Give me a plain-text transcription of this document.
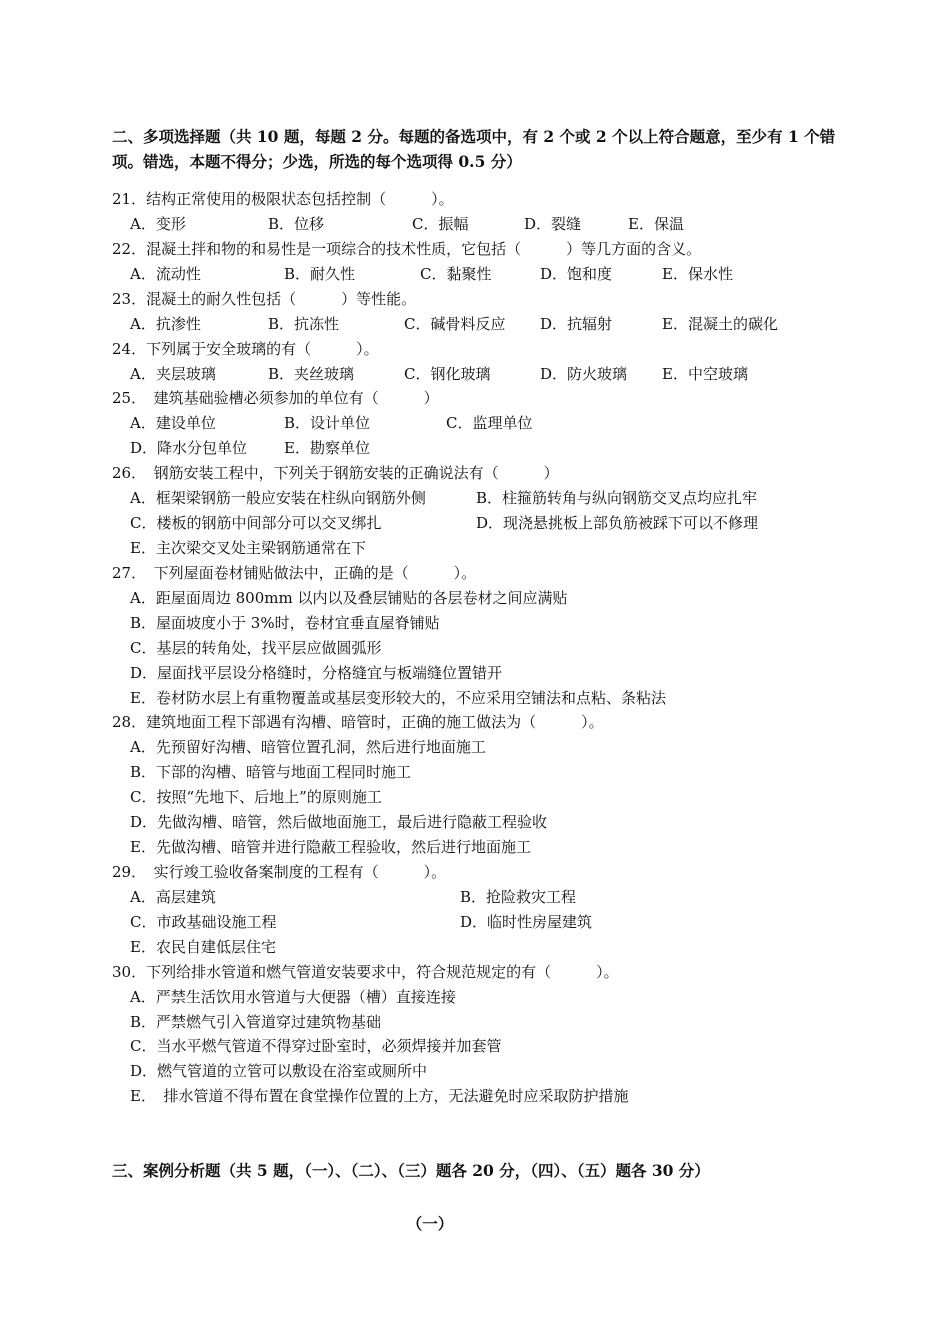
二、多项选择题（共 10 题，每题 2 分。每题的备选项中，有 2 个或 2 个以上符合题意，至少有 1 个错
项。错选，本题不得分；少选，所选的每个选项得 0.5 分）
21．结构正常使用的极限状态包括控制（　　　）。
A．变形	B．位移	C．振幅	D．裂缝	E．保温
22．混凝土拌和物的和易性是一项综合的技术性质，它包括（　　　）等几方面的含义。
A．流动性	B．耐久性	C．黏聚性	D．饱和度	E．保水性
23．混凝土的耐久性包括（　　　）等性能。
A．抗渗性	B．抗冻性	C．碱骨料反应 D．抗辐射	E．混凝土的碳化
24．下列属于安全玻璃的有（　　　）。
A．夹层玻璃	B．夹丝玻璃	C．钢化玻璃	D．防火玻璃 E．中空玻璃
25．　建筑基础验槽必须参加的单位有（　　　）
A．建设单位	B．设计单位	C．监理单位
D．降水分包单位 E．勘察单位
26．　钢筋安装工程中，下列关于钢筋安装的正确说法有（　　　）
A．框架梁钢筋一般应安装在柱纵向钢筋外侧	B．柱箍筋转角与纵向钢筋交叉点均应扎牢
C．楼板的钢筋中间部分可以交叉绑扎	D．现浇悬挑板上部负筋被踩下可以不修理
E．主次梁交叉处主梁钢筋通常在下
27．　下列屋面卷材铺贴做法中，正确的是（　　　）。
A．距屋面周边 800mm 以内以及叠层铺贴的各层卷材之间应满贴
B．屋面坡度小于 3%时，卷材宜垂直屋脊铺贴
C．基层的转角处，找平层应做圆弧形
D．屋面找平层设分格缝时，分格缝宜与板端缝位置错开
E．卷材防水层上有重物覆盖或基层变形较大的，不应采用空铺法和点粘、条粘法
28．建筑地面工程下部遇有沟槽、暗管时，正确的施工做法为（　　　）。
A．先预留好沟槽、暗管位置孔洞，然后进行地面施工
B．下部的沟槽、暗管与地面工程同时施工
C．按照“先地下、后地上”的原则施工
D．先做沟槽、暗管，然后做地面施工，最后进行隐蔽工程验收
E．先做沟槽、暗管并进行隐蔽工程验收，然后进行地面施工
29．　实行竣工验收备案制度的工程有（　　　）。
A．高层建筑	B．抢险救灾工程
C．市政基础设施工程	D．临时性房屋建筑
E．农民自建低层住宅
30．下列给排水管道和燃气管道安装要求中，符合规范规定的有（　　　）。
A．严禁生活饮用水管道与大便器（槽）直接连接
B．严禁燃气引入管道穿过建筑物基础
C．当水平燃气管道不得穿过卧室时，必须焊接并加套管
D．燃气管道的立管可以敷设在浴室或厕所中
E．　排水管道不得布置在食堂操作位置的上方，无法避免时应采取防护措施
三、案例分析题（共 5 题，（一）、（二）、（三）题各 20 分，（四）、（五）题各 30 分）
（一）
